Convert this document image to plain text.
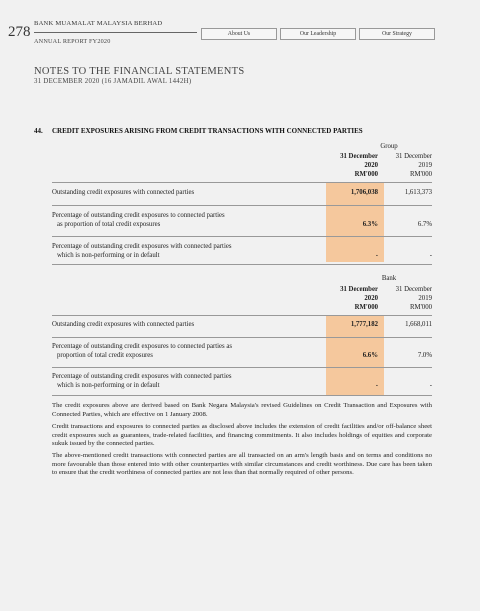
278
BANK MUAMALAT MALAYSIA BERHAD
ANNUAL REPORT FY2020
About Us	Our Leadership	Our Strategy
NOTES TO THE FINANCIAL STATEMENTS
31 DECEMBER 2020 (16 JAMADIL AWAL 1442H)
44. CREDIT EXPOSURES ARISING FROM CREDIT TRANSACTIONS WITH CONNECTED PARTIES
Group
31 December
2020
RM'000
31 December
2019
RM'000
Outstanding credit exposures with connected parties	1,706,038	1,613,373
Percentage of outstanding credit exposures to connected parties
as proportion of total credit exposures	6.3%	6.7%
Percentage of outstanding credit exposures with connected parties
which is non-performing or in default	-	-
Bank
31 December
2020
RM'000
31 December
2019
RM'000
Outstanding credit exposures with connected parties	1,777,182	1,668,011
Percentage of outstanding credit exposures to connected parties as
proportion of total credit exposures	6.6%	7.0%
Percentage of outstanding credit exposures with connected parties
which is non-performing or in default	-	-
The credit exposures above are derived based on Bank Negara Malaysia's revised Guidelines on Credit Transaction and Exposures with Connected Parties, which are effective on 1 January 2008.
Credit transactions and exposures to connected parties as disclosed above includes the extension of credit facilities and/or off-balance sheet credit exposures such as guarantees, trade-related facilities, and financing commitments. It also includes holdings of equities and corporate sukuk issued by the connected parties.
The above-mentioned credit transactions with connected parties are all transacted on an arm's length basis and on terms and conditions no more favourable than those entered into with other counterparties with similar circumstances and credit worthiness. Due care has been taken to ensure that the credit worthiness of connected parties are not less than that normally required of other persons.
